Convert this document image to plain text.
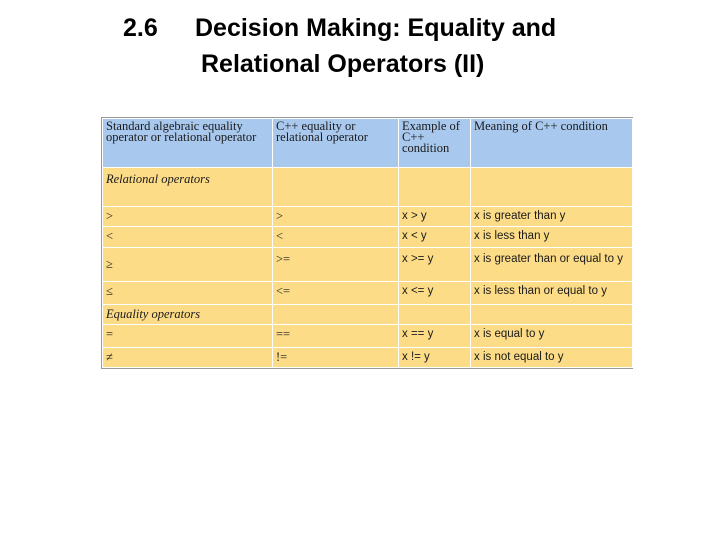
2.6 Decision Making: Equality and
Relational Operators (II)
Standard algebraic equality operator or relational operator	C++ equality or relational operator	Example of C++ condition	Meaning of C++ condition
Relational operators			
>	>	x > y	x is greater than y
<	<	x < y	x is less than y
≥	>=	x >= y	x is greater than or equal to y
≤	<=	x <= y	x is less than or equal to y
Equality operators			
=	==	x == y	x is equal to y
≠	!=	x != y	x is not equal to y
